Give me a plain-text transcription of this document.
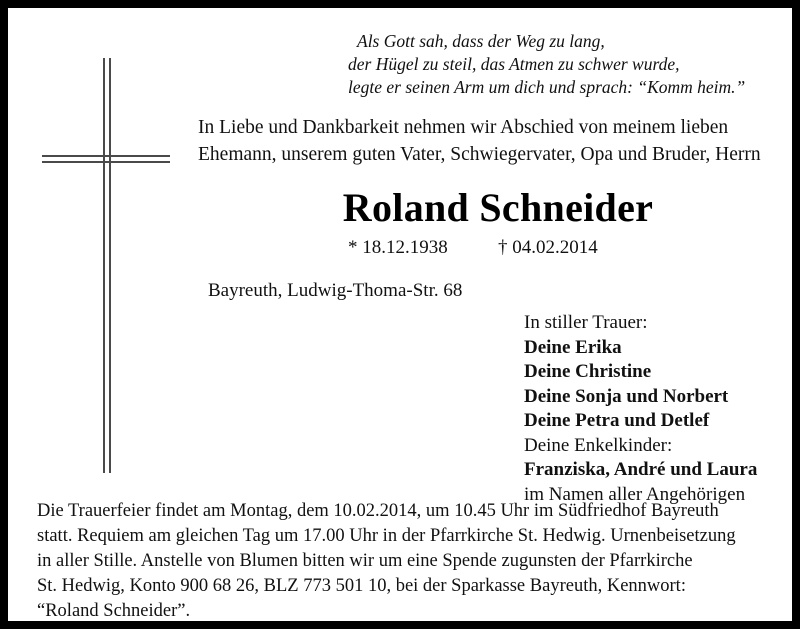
Als Gott sah, dass der Weg zu lang,
der Hügel zu steil, das Atmen zu schwer wurde,
legte er seinen Arm um dich und sprach: “Komm heim.”
In Liebe und Dankbarkeit nehmen wir Abschied von meinem lieben
Ehemann, unserem guten Vater, Schwiegervater, Opa und Bruder, Herrn
Roland Schneider
* 18.12.1938	† 04.02.2014
Bayreuth, Ludwig-Thoma-Str. 68
In stiller Trauer:
Deine Erika
Deine Christine
Deine Sonja und Norbert
Deine Petra und Detlef
Deine Enkelkinder:
Franziska, André und Laura
im Namen aller Angehörigen
Die Trauerfeier findet am Montag, dem 10.02.2014, um 10.45 Uhr im Südfriedhof Bayreuth
statt. Requiem am gleichen Tag um 17.00 Uhr in der Pfarrkirche St. Hedwig. Urnenbeisetzung
in aller Stille. Anstelle von Blumen bitten wir um eine Spende zugunsten der Pfarrkirche
St. Hedwig, Konto 900 68 26, BLZ 773 501 10, bei der Sparkasse Bayreuth, Kennwort:
“Roland Schneider”.
